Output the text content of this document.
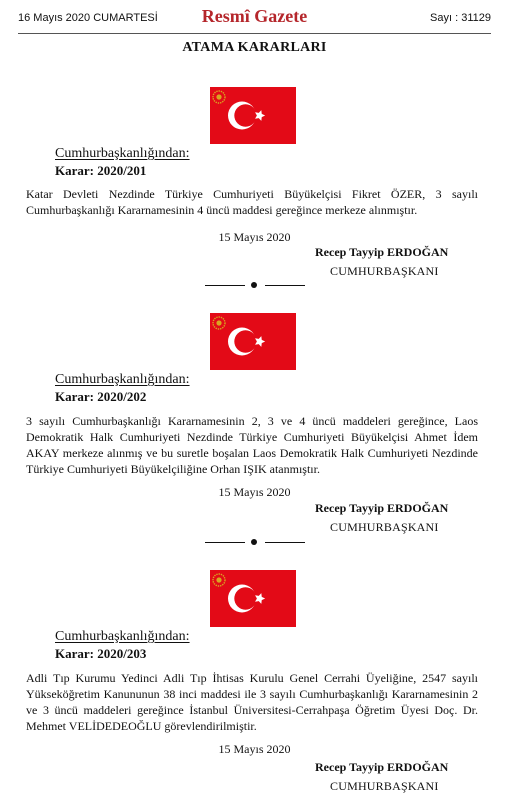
16 Mayıs 2020 CUMARTESİ	Resmî Gazete	Sayı : 31129
ATAMA KARARLARI
Cumhurbaşkanlığından:
Karar: 2020/201
Katar Devleti Nezdinde Türkiye Cumhuriyeti Büyükelçisi Fikret ÖZER, 3 sayılı Cumhurbaşkanlığı Kararnamesinin 4 üncü maddesi gereğince merkeze alınmıştır.
15 Mayıs 2020
Recep Tayyip ERDOĞAN
CUMHURBAŞKANI
Cumhurbaşkanlığından:
Karar: 2020/202
3 sayılı Cumhurbaşkanlığı Kararnamesinin 2, 3 ve 4 üncü maddeleri gereğince, Laos Demokratik Halk Cumhuriyeti Nezdinde Türkiye Cumhuriyeti Büyükelçisi Ahmet İdem AKAY merkeze alınmış ve bu suretle boşalan Laos Demokratik Halk Cumhuriyeti Nezdinde Türkiye Cumhuriyeti Büyükelçiliğine Orhan IŞIK atanmıştır.
15 Mayıs 2020
Recep Tayyip ERDOĞAN
CUMHURBAŞKANI
Cumhurbaşkanlığından:
Karar: 2020/203
Adli Tıp Kurumu Yedinci Adli Tıp İhtisas Kurulu Genel Cerrahi Üyeliğine, 2547 sayılı Yükseköğretim Kanununun 38 inci maddesi ile 3 sayılı Cumhurbaşkanlığı Kararnamesinin 2 ve 3 üncü maddeleri gereğince İstanbul Üniversitesi-Cerrahpaşa Öğretim Üyesi Doç. Dr. Mehmet VELİDEDEOĞLU görevlendirilmiştir.
15 Mayıs 2020
Recep Tayyip ERDOĞAN
CUMHURBAŞKANI
